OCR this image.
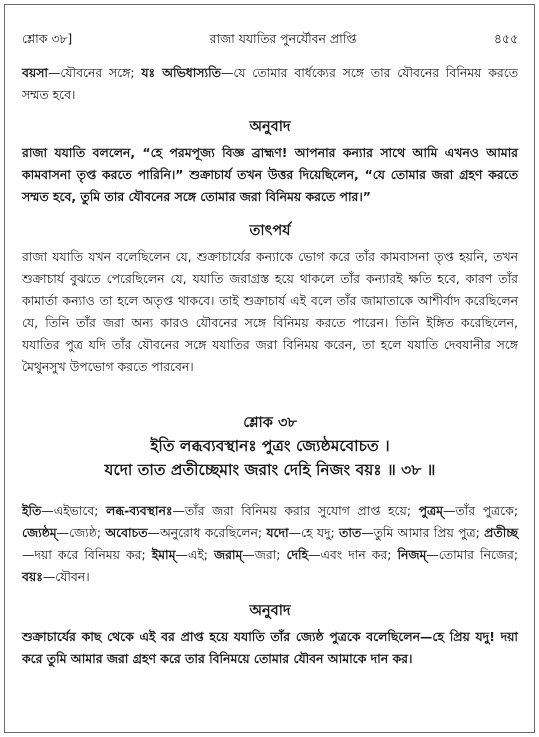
শ্লোক ৩৮]	রাজা যযাতির পুনর্যৌবন প্রাপ্তি	৪৫৫

বয়সা—যৌবনের সঙ্গে; যঃ অভিধাস্যতি—যে তোমার বার্ধক্যের সঙ্গে তার যৌবনের বিনিময় করতে সম্মত হবে।

অনুবাদ

রাজা যযাতি বললেন, “হে পরমপূজ্য বিজ্ঞ ব্রাহ্মণ! আপনার কন্যার সাথে আমি এখনও আমার কামবাসনা তৃপ্ত করতে পারিনি।” শুক্রাচার্য তখন উত্তর দিয়েছিলেন, “যে তোমার জরা গ্রহণ করতে সম্মত হবে, তুমি তার যৌবনের সঙ্গে তোমার জরা বিনিময় করতে পার।”

তাৎপর্য

রাজা যযাতি যখন বলেছিলেন যে, শুক্রাচার্যের কন্যাকে ভোগ করে তাঁর কামবাসনা তৃপ্ত হয়নি, তখন শুক্রাচার্য বুঝতে পেরেছিলেন যে, যযাতি জরাগ্রস্ত হয়ে থাকলে তাঁর কন্যারই ক্ষতি হবে, কারণ তাঁর কামার্তা কন্যাও তা হলে অতৃপ্ত থাকবে। তাই শুক্রাচার্য এই বলে তাঁর জামাতাকে আশীর্বাদ করেছিলেন যে, তিনি তাঁর জরা অন্য কারও যৌবনের সঙ্গে বিনিময় করতে পারেন। তিনি ইঙ্গিত করেছিলেন, যযাতির পুত্র যদি তাঁর যৌবনের সঙ্গে যযাতির জরা বিনিময় করেন, তা হলে যযাতি দেবযানীর সঙ্গে মৈথুনসুখ উপভোগ করতে পারবেন।

শ্লোক ৩৮
ইতি লব্ধব্যবস্থানঃ পুত্রং জ্যেষ্ঠমবোচত ।
যদো তাত প্রতীচ্ছেমাং জরাং দেহি নিজং বয়ঃ ॥ ৩৮ ॥

ইতি—এইভাবে; লব্ধ-ব্যবস্থানঃ—তাঁর জরা বিনিময় করার সুযোগ প্রাপ্ত হয়ে; পুত্রম্—তাঁর পুত্রকে; জ্যেষ্ঠম্—জ্যেষ্ঠ; অবোচত—অনুরোধ করেছিলেন; যদো—হে যদু; তাত—তুমি আমার প্রিয় পুত্র; প্রতীচ্ছ—দয়া করে বিনিময় কর; ইমাম্—এই; জরাম্—জরা; দেহি—এবং দান কর; নিজম্—তোমার নিজের; বয়ঃ—যৌবন।

অনুবাদ

শুক্রাচার্যের কাছ থেকে এই বর প্রাপ্ত হয়ে যযাতি তাঁর জ্যেষ্ঠ পুত্রকে বলেছিলেন—হে প্রিয় যদু! দয়া করে তুমি আমার জরা গ্রহণ করে তার বিনিময়ে তোমার যৌবন আমাকে দান কর।
